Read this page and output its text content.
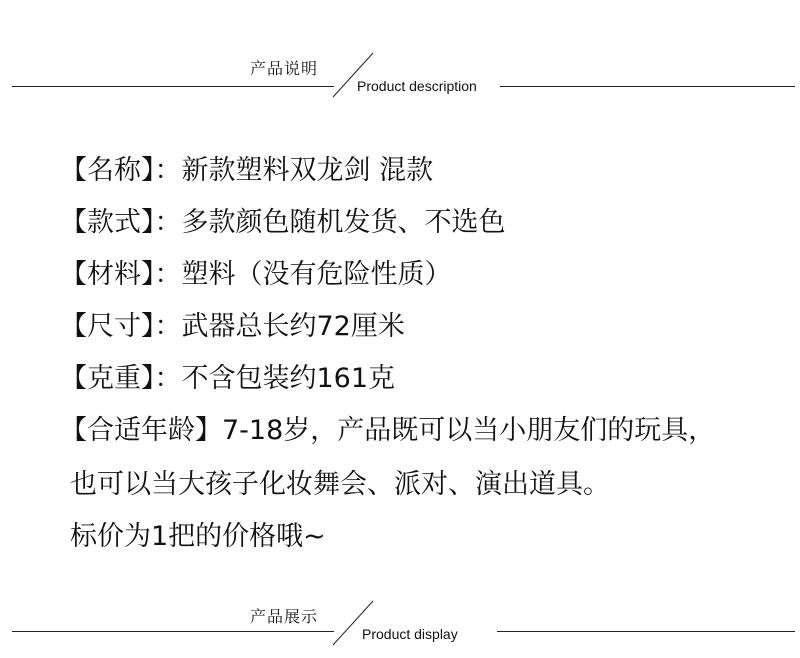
产品说明
Product description
【名称】：新款塑料双龙剑 混款
【款式】：多款颜色随机发货、不选色
【材料】：塑料（没有危险性质）
【尺寸】：武器总长约72厘米
【克重】：不含包装约161克
【合适年龄】7-18岁，产品既可以当小朋友们的玩具，
也可以当大孩子化妆舞会、派对、演出道具。
标价为1把的价格哦~
产品展示
Product display
